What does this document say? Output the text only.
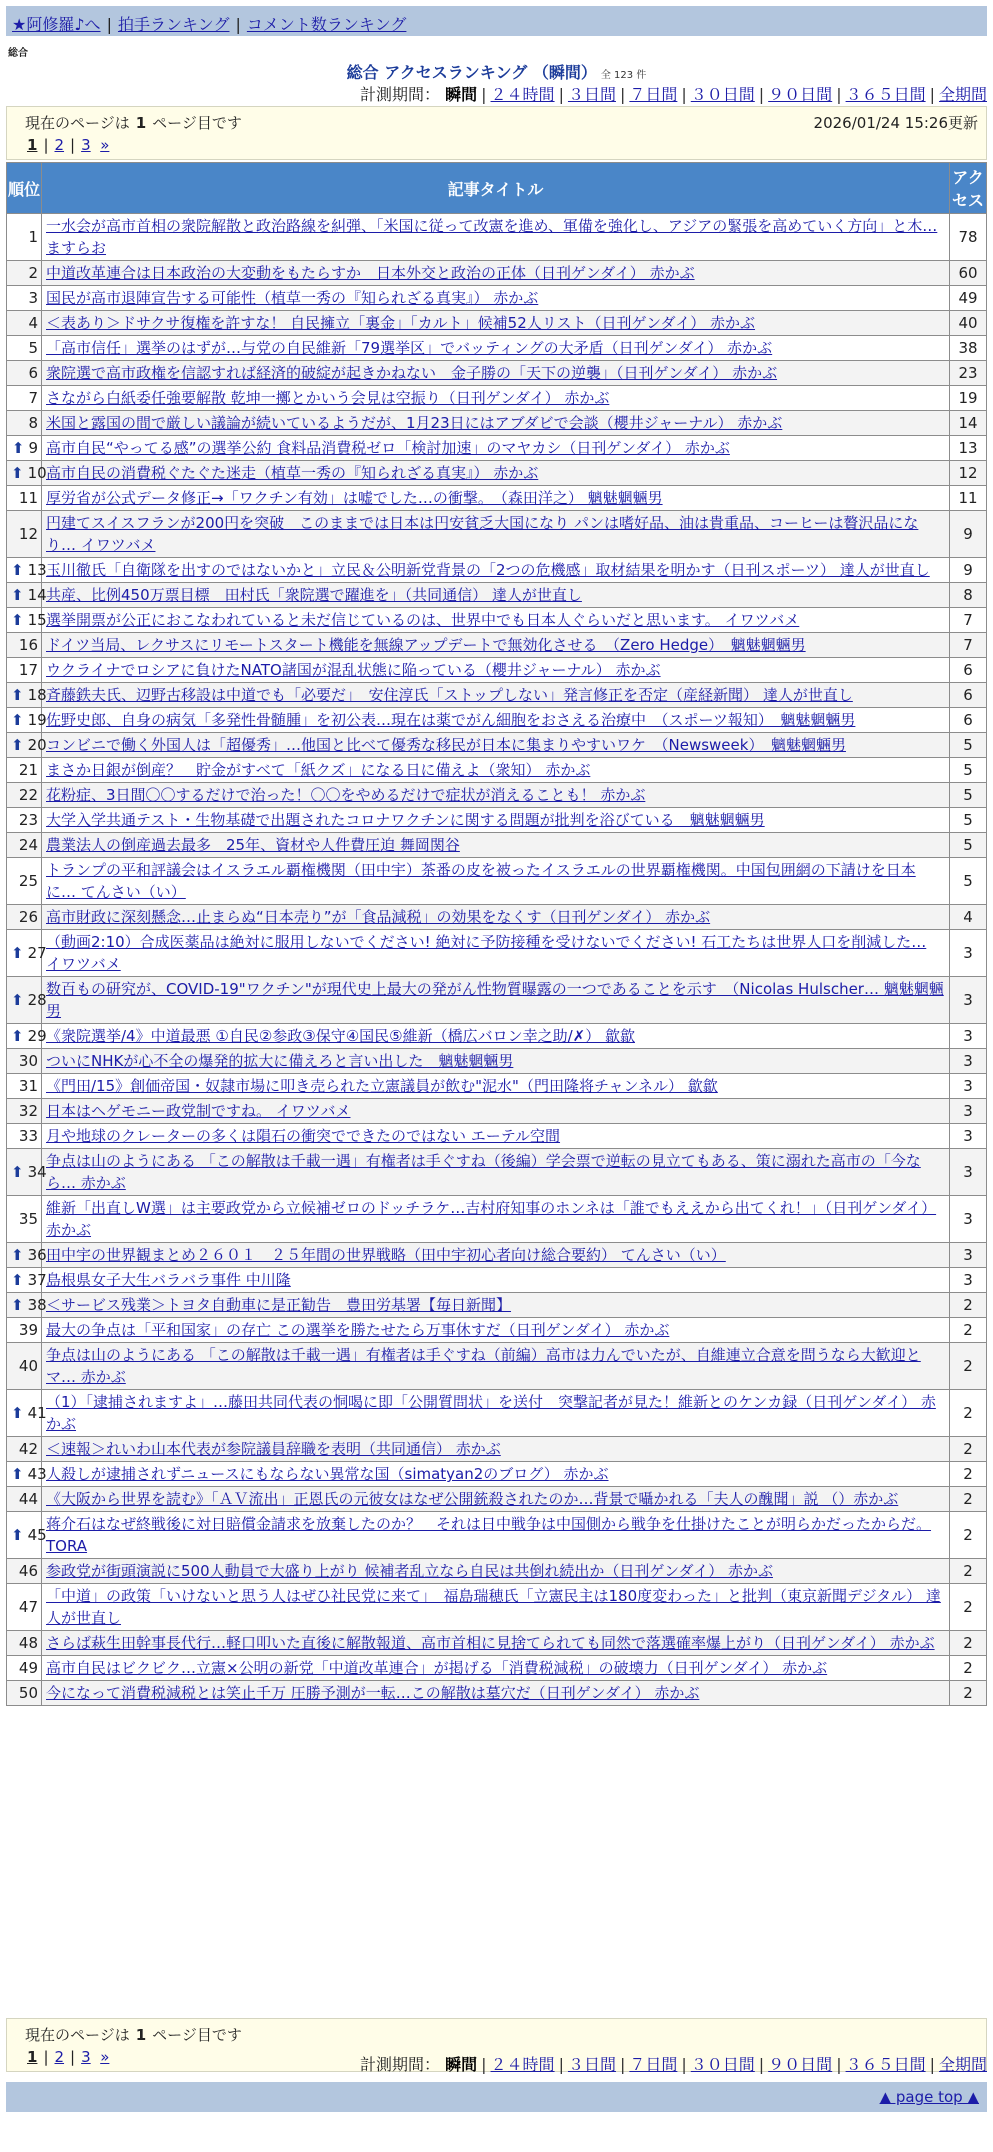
★阿修羅♪へ | 拍手ランキング | コメント数ランキング
総合
総合 アクセスランキング （瞬間） 全 123 件
計測期間： 瞬間 | ２４時間 | ３日間 | ７日間 | ３０日間 | ９０日間 | ３６５日間 | 全期間
現在のページは 1 ページ目です	2026/01/24 15:26更新
1 | 2 | 3 »
順位	記事タイトル	アクセス
1	一水会が高市首相の衆院解散と政治路線を糾弾、「米国に従って改憲を進め、軍備を強化し、アジアの緊張を高めていく方向」と木… ますらお	78
2	中道改革連合は日本政治の大変動をもたらすか　日本外交と政治の正体（日刊ゲンダイ） 赤かぶ	60
3	国民が高市退陣宣告する可能性（植草一秀の『知られざる真実』） 赤かぶ	49
4	＜表あり＞ドサクサ復権を許すな！ 自民擁立「裏金」「カルト」候補52人リスト（日刊ゲンダイ） 赤かぶ	40
5	「高市信任」選挙のはずが…与党の自民維新「79選挙区」でバッティングの大矛盾（日刊ゲンダイ） 赤かぶ	38
6	衆院選で高市政権を信認すれば経済的破綻が起きかねない　金子勝の「天下の逆襲」（日刊ゲンダイ） 赤かぶ	23
7	さながら白紙委任強要解散 乾坤一擲とかいう会見は空振り（日刊ゲンダイ） 赤かぶ	19
8	米国と露国の間で厳しい議論が続いているようだが、1月23日にはアブダビで会談（櫻井ジャーナル） 赤かぶ	14
⬆ 9	高市自民“やってる感”の選挙公約 食料品消費税ゼロ「検討加速」のマヤカシ（日刊ゲンダイ） 赤かぶ	13
⬆ 10	高市自民の消費税ぐたぐた迷走（植草一秀の『知られざる真実』） 赤かぶ	12
11	厚労省が公式データ修正→「ワクチン有効」は嘘でした…の衝撃。　（森田洋之） 魑魅魍魎男	11
12	円建てスイスフランが200円を突破　このままでは日本は円安貧乏大国になり パンは嗜好品、油は貴重品、コーヒーは贅沢品になり… イワツバメ	9
⬆ 13	玉川徹氏「自衛隊を出すのではないかと」立民＆公明新党背景の「2つの危機感」取材結果を明かす（日刊スポーツ） 達人が世直し	9
⬆ 14	共産、比例450万票目標　田村氏「衆院選で躍進を」（共同通信） 達人が世直し	8
⬆ 15	選挙開票が公正におこなわれていると未だ信じているのは、世界中でも日本人ぐらいだと思います。 イワツバメ	7
16	ドイツ当局、レクサスにリモートスタート機能を無線アップデートで無効化させる　（Zero Hedge）　魑魅魍魎男	7
17	ウクライナでロシアに負けたNATO諸国が混乱状態に陥っている（櫻井ジャーナル） 赤かぶ	6
⬆ 18	斉藤鉄夫氏、辺野古移設は中道でも「必要だ」　安住淳氏「ストップしない」発言修正を否定（産経新聞） 達人が世直し	6
⬆ 19	佐野史郎、自身の病気「多発性骨髄腫」を初公表…現在は薬でがん細胞をおさえる治療中　（スポーツ報知）　魑魅魍魎男	6
⬆ 20	コンビニで働く外国人は「超優秀」…他国と比べて優秀な移民が日本に集まりやすいワケ　（Newsweek）　魑魅魍魎男	5
21	まさか日銀が倒産？　貯金がすべて「紙クズ」になる日に備えよ（衆知） 赤かぶ	5
22	花粉症、3日間〇〇するだけで治った！〇〇をやめるだけで症状が消えることも！ 赤かぶ	5
23	大学入学共通テスト・生物基礎で出題されたコロナワクチンに関する問題が批判を浴びている　魑魅魍魎男	5
24	農業法人の倒産過去最多　25年、資材や人件費圧迫 舞岡関谷	5
25	トランプの平和評議会はイスラエル覇権機関（田中宇）茶番の皮を被ったイスラエルの世界覇権機関。中国包囲網の下請けを日本に… てんさい（い）	5
26	高市財政に深刻懸念…止まらぬ“日本売り”が「食品減税」の効果をなくす（日刊ゲンダイ） 赤かぶ	4
⬆ 27	（動画2:10）合成医薬品は絶対に服用しないでください! 絶対に予防接種を受けないでください! 石工たちは世界人口を削減した… イワツバメ	3
⬆ 28	数百もの研究が、COVID-19"ワクチン"が現代史上最大の発がん性物質曝露の一つであることを示す　（Nicolas Hulscher… 魑魅魍魎男	3
⬆ 29	《衆院選挙/4》中道最悪 ①自民②参政③保守④国民⑤維新（橋広バロン幸之助/✗） 歙歙	3
30	ついにNHKが心不全の爆発的拡大に備えろと言い出した　魑魅魍魎男	3
31	《門田/15》創価帝国・奴隷市場に叩き売られた立憲議員が飲む"泥水"（門田隆将チャンネル） 歙歙	3
32	日本はヘゲモニー政党制ですね。 イワツバメ	3
33	月や地球のクレーターの多くは隕石の衝突でできたのではない エーテル空間	3
⬆ 34	争点は山のようにある 「この解散は千載一遇」有権者は手ぐすね（後編）学会票で逆転の見立てもある、策に溺れた高市の「今なら… 赤かぶ	3
35	維新「出直しW選」は主要政党から立候補ゼロのドッチラケ…吉村府知事のホンネは「誰でもええから出てくれ！」（日刊ゲンダイ） 赤かぶ	3
⬆ 36	田中宇の世界観まとめ２６０１　２５年間の世界戦略（田中宇初心者向け総合要約） てんさい（い）	3
⬆ 37	島根県女子大生バラバラ事件 中川隆	3
⬆ 38	＜サービス残業＞トヨタ自動車に是正勧告　豊田労基署【毎日新聞】	2
39	最大の争点は「平和国家」の存亡 この選挙を勝たせたら万事休すだ（日刊ゲンダイ） 赤かぶ	2
40	争点は山のようにある 「この解散は千載一遇」有権者は手ぐすね（前編）高市は力んでいたが、自維連立合意を問うなら大歓迎とマ… 赤かぶ	2
⬆ 41	（1）「逮捕されますよ」…藤田共同代表の恫喝に即「公開質問状」を送付　突撃記者が見た！維新とのケンカ録（日刊ゲンダイ） 赤かぶ	2
42	＜速報＞れいわ山本代表が参院議員辞職を表明（共同通信） 赤かぶ	2
⬆ 43	人殺しが逮捕されずニュースにもならない異常な国（simatyan2のブログ） 赤かぶ	2
44	《大阪から世界を読む》「ＡＶ流出」正恩氏の元彼女はなぜ公開銃殺されたのか…背景で囁かれる「夫人の醜聞」説 （）赤かぶ	2
⬆ 45	蒋介石はなぜ終戦後に対日賠償金請求を放棄したのか？　それは日中戦争は中国側から戦争を仕掛けたことが明らかだったからだ。 TORA	2
46	参政党が街頭演説に500人動員で大盛り上がり 候補者乱立なら自民は共倒れ続出か（日刊ゲンダイ） 赤かぶ	2
47	「中道」の政策「いけないと思う人はぜひ社民党に来て」　福島瑞穂氏「立憲民主は180度変わった」と批判（東京新聞デジタル） 達人が世直し	2
48	さらば萩生田幹事長代行…軽口叩いた直後に解散報道、高市首相に見捨てられても同然で落選確率爆上がり（日刊ゲンダイ） 赤かぶ	2
49	高市自民はビクビク…立憲×公明の新党「中道改革連合」が掲げる「消費税減税」の破壊力（日刊ゲンダイ） 赤かぶ	2
50	今になって消費税減税とは笑止千万 圧勝予測が一転…この解散は墓穴だ（日刊ゲンダイ） 赤かぶ	2
現在のページは 1 ページ目です
1 | 2 | 3 »	計測期間： 瞬間 | ２４時間 | ３日間 | ７日間 | ３０日間 | ９０日間 | ３６５日間 | 全期間
▲ page top ▲
